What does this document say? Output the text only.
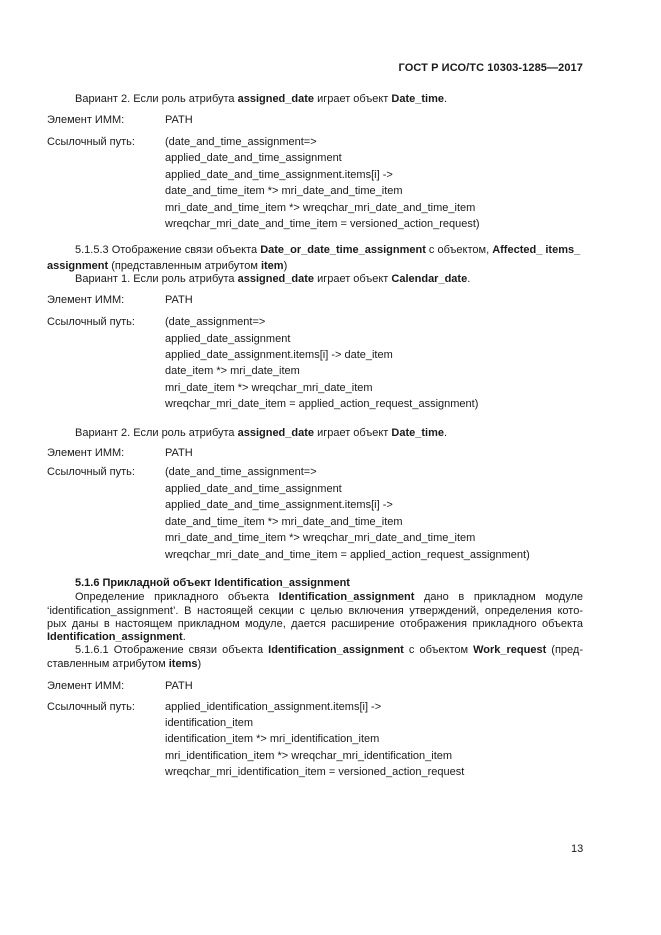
ГОСТ Р ИСО/ТС 10303-1285—2017
Вариант 2. Если роль атрибута assigned_date играет объект Date_time.
Элемент ИММ:	PATH
Ссылочный путь:	(date_and_time_assignment=>
applied_date_and_time_assignment
applied_date_and_time_assignment.items[i] ->
date_and_time_item *> mri_date_and_time_item
mri_date_and_time_item *> wreqchar_mri_date_and_time_item
wreqchar_mri_date_and_time_item = versioned_action_request)
5.1.5.3 Отображение связи объекта Date_or_date_time_assignment с объектом, Affected_ items_
assignment (представленным атрибутом item)
Вариант 1. Если роль атрибута assigned_date играет объект Calendar_date.
Элемент ИММ:	PATH
Ссылочный путь:	(date_assignment=>
applied_date_assignment
applied_date_assignment.items[i] -> date_item
date_item *> mri_date_item
mri_date_item *> wreqchar_mri_date_item
wreqchar_mri_date_item = applied_action_request_assignment)
Вариант 2. Если роль атрибута assigned_date играет объект Date_time.
Элемент ИММ:	PATH
Ссылочный путь:	(date_and_time_assignment=>
applied_date_and_time_assignment
applied_date_and_time_assignment.items[i] ->
date_and_time_item *> mri_date_and_time_item
mri_date_and_time_item *> wreqchar_mri_date_and_time_item
wreqchar_mri_date_and_time_item = applied_action_request_assignment)
5.1.6 Прикладной объект Identification_assignment
Определение прикладного объекта Identification_assignment дано в прикладном модуле
‘identification_assignment’. В настоящей секции с целью включения утверждений, определения кото-
рых даны в настоящем прикладном модуле, дается расширение отображения прикладного объекта
Identification_assignment.
5.1.6.1 Отображение связи объекта Identification_assignment с объектом Work_request (пред-
ставленным атрибутом items)
Элемент ИММ:	PATH
Ссылочный путь:	applied_identification_assignment.items[i] ->
identification_item
identification_item *> mri_identification_item
mri_identification_item *> wreqchar_mri_identification_item
wreqchar_mri_identification_item = versioned_action_request
13
